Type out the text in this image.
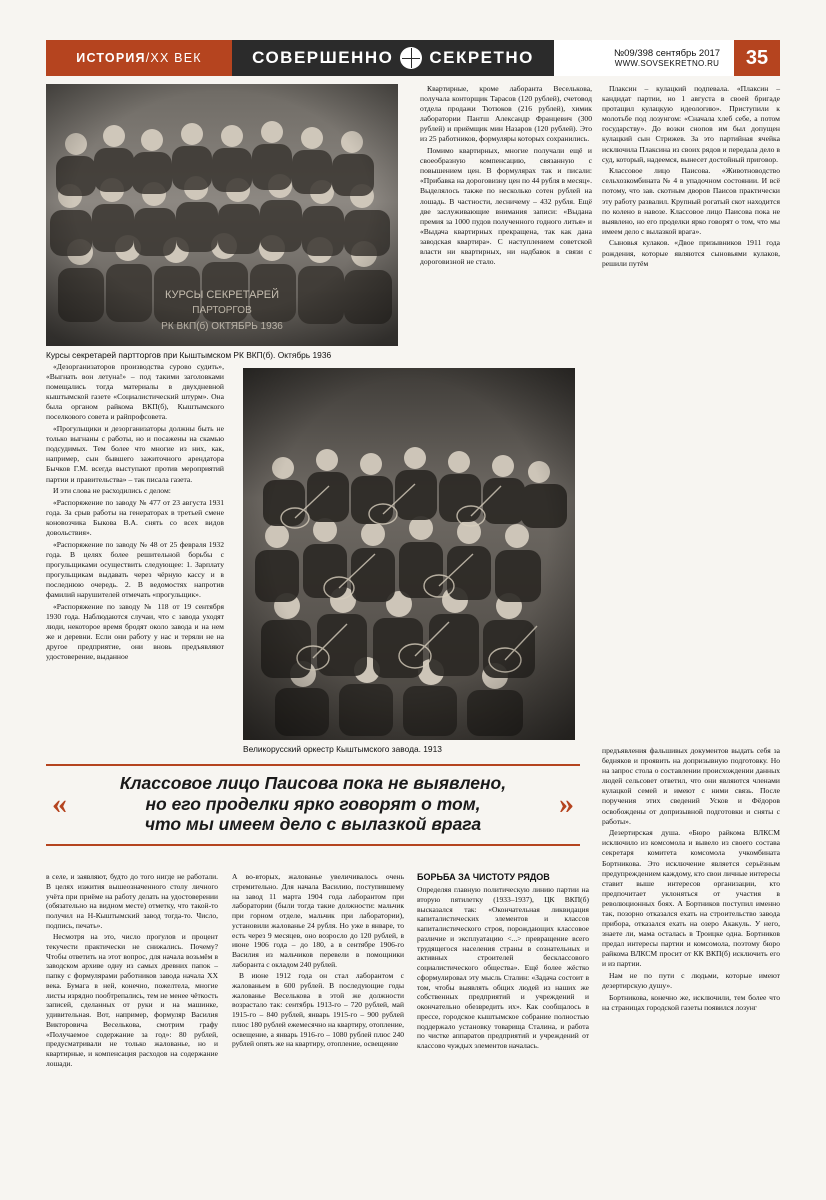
ИСТОРИЯ / XX ВЕК	СОВЕРШЕННО СЕКРЕТНО	№09/398 сентябрь 2017
WWW.SOVSEKRETNO.RU	35
КУРСЫ СЕКРЕТАРЕЙ
ПАРТОРГОВ
РК ВКП(б) ОКТЯБРЬ 1936
Курсы секретарей партторгов при Кыштымском РК ВКП(б). Октябрь 1936
Великорусский оркестр Кыштымского завода. 1913

«Дезорганизаторов производства сурово судить», «Выгнать вон летуна!» – под такими заголовками помещались тогда материалы в двухдневной кыштымской газете «Социалистический штурм». Она была органом райкома ВКП(б), Кыштымского поселкового совета и райпрофсовета.

«Прогульщики и дезорганизаторы должны быть не только выгнаны с работы, но и посажены на скамью подсудимых. Тем более что многие из них, как, например, сын бывшего зажиточного арендатора Бычков Г.М. всегда выступают против мероприятий партии и правительства» – так писала газета.

И эти слова не расходились с делом:

«Распоряжение по заводу № 477 от 23 августа 1931 года. За срыв работы на генераторах в третьей смене коновозчика Быкова В.А. снять со всех видов довольствия».

«Распоряжение по заводу № 48 от 25 февраля 1932 года. В целях более решительной борьбы с прогульщиками осуществить следующее: 1. Зарплату прогульщикам выдавать через чёрную кассу и в последнюю очередь. 2. В ведомостях напротив фамилий нарушителей отмечать «прогульщик».

«Распоряжение по заводу № 118 от 19 сентября 1930 года. Наблюдаются случаи, что с завода уходят люди, некоторое время бродят около завода и на нем же и деревни. Если они работу у нас и теряли не на другое предприятие, они вновь предъявляют удостоверение, выданное

Квартирные, кроме лаборанта Веселькова, получала конторщик Тарасов (120 рублей), счетовод отдела продажи Тютюков (216 рублей), химик лаборатории Пантш Александр Францевич (300 рублей) и приёмщик мин Назаров (120 рублей). Это из 25 работников, формуляры которых сохранились.

Помимо квартирных, многие получали ещё и своеобразную компенсацию, связанную с повышением цен. В формулярах так и писали: «Прибавка на дороговизну цен по 44 рубля в месяц». Выделялось также по несколько сотен рублей на лошадь. В частности, лесничему – 432 рубля. Ещё две заслуживающие внимания записи: «Выдана премия за 1000 пудов полученного годного литья» и «Выдача квартирных прекращена, так как дана заводская квартира». С наступлением советской власти ни квартирных, ни надбавок в связи с дороговизной не стало.

Плаксин – кулацкий подпевала. «Плаксин – кандидат партии, но 1 августа в своей бригаде протащил кулацкую идеологию». Приступили к молотьбе под лозунгом: «Сначала хлеб себе, а потом государству». До возки снопов им был допущен кулацкий сын Стрижев. За это партийная ячейка исключила Плаксина из своих рядов и передала дело в суд, который, надеемся, вынесет достойный приговор.

Классовое лицо Паисова. «Животноводство сельхозкомбината № 4 в упадочном состоянии. И всё потому, что зав. скотным дворов Паисов практически эту работу развалил. Крупный рогатый скот находится по колено в навозе. Классовое лицо Паисова пока не выявлено, но его проделки ярко говорят о том, что мы имеем дело с вылазкой врага».

Сыновья кулаков. «Двое призывников 1911 года рождения, которые являются сыновьями кулаков, решили путём

«
Классовое лицо Паисова пока не выявлено,
но его проделки ярко говорят о том,
что мы имеем дело с вылазкой врага
»

предъявления фальшивых документов выдать себя за бедняков и проявить на допризывную подготовку. Но на запрос стола о составлении происхождении данных людей сельсовет ответил, что они являются членами кулацкой семей и имеют с ними связь. После поручения этих сведений Усков и Фёдоров освобождены от допризывной подготовки и сняты с работы».

Дезертирская душа. «Бюро райкома ВЛКСМ исключило из комсомола и вывело из своего состава секретаря комитета комсомола учкомбината Бортникова. Это исключение является серьёзным предупреждением каждому, кто свои личные интересы ставит выше интересов организации, кто предпочитает уклоняться от участия в революционных боях. А Бортников поступил именно так, позорно отказался ехать на строительство завода прибора, отказался ехать на озеро Акакуль. У него, знаете ли, мама осталась в Троицке одна. Бортников предал интересы партии и комсомола, поэтому бюро райкома ВЛКСМ просит от КК ВКП(б) исключить его и из партии.

Нам не по пути с людьми, которые имеют дезертирскую душу».

Бортникова, конечно же, исключили, тем более что на страницах городской газеты появился лозунг

в селе, и заявляют, будто до того нигде не работали. В целях изжития вышеозначенного столу личного учёта при приёме на работу делать на удостоверении (обязательно на видном месте) отметку, что такой-то получил на Н-Кыштымский завод тогда-то. Число, подпись, печать».

Несмотря на это, число прогулов и процент текучести практически не снижались. Почему? Чтобы ответить на этот вопрос, для начала возьмём в заводском архиве одну из самых древних папок – папку с формулярами работников завода начала ХХ века. Бумага в ней, конечно, пожелтела, многие листы изрядно пообтрепались, тем не менее чёткость записей, сделанных от руки и на машинке, удивительная. Вот, например, формуляр Василия Викторовича Веселькова, смотрим графу «Получаемое содержание за год»: 80 рублей, предусматривали не только жалованье, но и квартирные, и компенсация расходов на содержание лошади.

А во-вторых, жалованье увеличивалось очень стремительно. Для начала Василию, поступившему на завод 11 марта 1904 года лаборантом при лаборатории (были тогда такие должности: мальчик при горном отделе, мальчик при лаборатории), установили жалованье 24 рубля. Но уже в январе, то есть через 9 месяцев, оно возросло до 120 рублей, в июне 1906 года – до 180, а в сентябре 1906-го Василия из мальчиков перевели в помощники лаборанта с окладом 240 рублей.

В июне 1912 года он стал лаборантом с жалованьем в 600 рублей. В последующие годы жалованье Веселькова в этой же должности возрастало так: сентябрь 1913-го – 720 рублей, май 1915-го – 840 рублей, январь 1915-го – 900 рублей плюс 180 рублей ежемесячно на квартиру, отопление, освещение, а январь 1916-го – 1080 рублей плюс 240 рублей опять же на квартиру, отопление, освещение

БОРЬБА ЗА ЧИСТОТУ РЯДОВ

Определяя главную политическую линию партии на вторую пятилетку (1933–1937), ЦК ВКП(б) высказался так: «Окончательная ликвидация капиталистических элементов и классов капиталистического строя, порождающих классовое различие и эксплуатацию <...> превращение всего трудящегося населения страны в сознательных и активных строителей бесклассового социалистического общества». Ещё более жёстко сформулировал эту мысль Сталин: «Задача состоит в том, чтобы выявлять общих людей из наших же собственных предприятий и учреждений и окончательно обезвредить их». Как сообщалось в прессе, городское кыштымское собрание полностью поддержало установку товарища Сталина, и работа по чистке аппаратов предприятий и учреждений от классово чуждых элементов началась.
